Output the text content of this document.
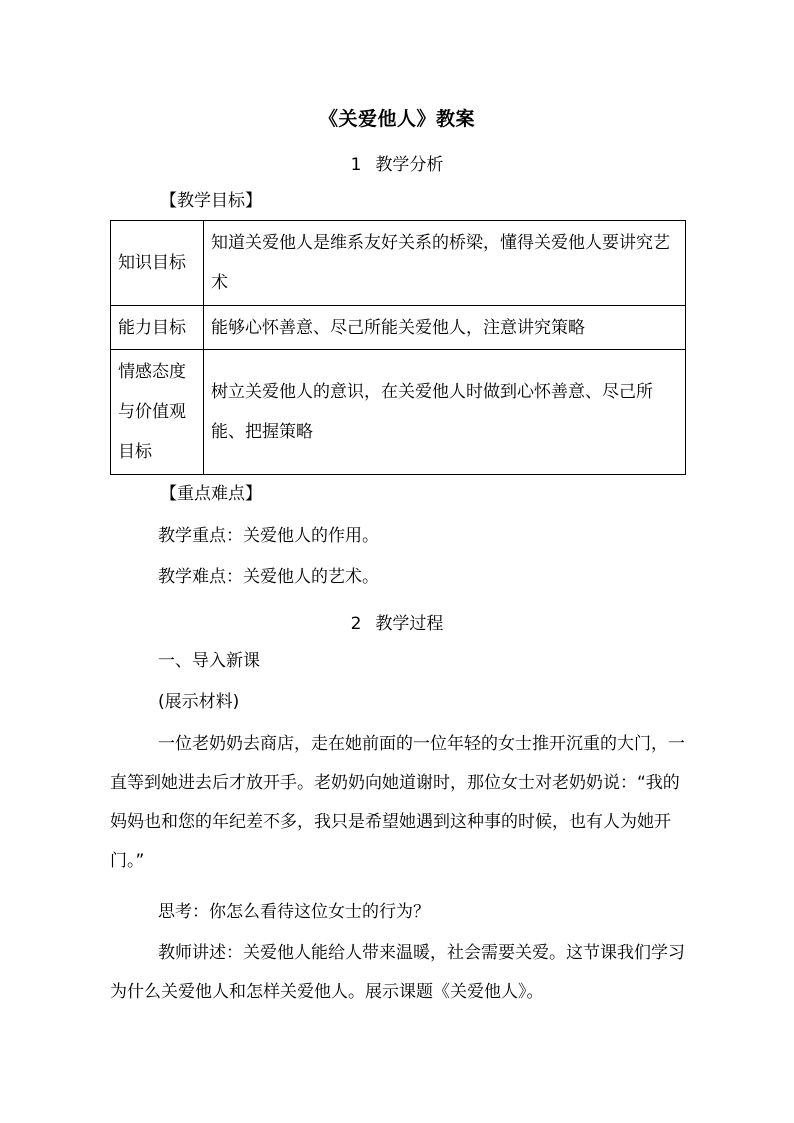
《关爱他人》教案
1 教学分析
【教学目标】
知识目标	知道关爱他人是维系友好关系的桥梁，懂得关爱他人要讲究艺术
能力目标	能够心怀善意、尽己所能关爱他人，注意讲究策略
情感态度与价值观目标	树立关爱他人的意识，在关爱他人时做到心怀善意、尽己所能、把握策略
【重点难点】
教学重点：关爱他人的作用。
教学难点：关爱他人的艺术。
2 教学过程
一、导入新课
(展示材料)
一位老奶奶去商店，走在她前面的一位年轻的女士推开沉重的大门，一直等到她进去后才放开手。老奶奶向她道谢时，那位女士对老奶奶说：“我的妈妈也和您的年纪差不多，我只是希望她遇到这种事的时候，也有人为她开门。”
思考：你怎么看待这位女士的行为？
教师讲述：关爱他人能给人带来温暖，社会需要关爱。这节课我们学习为什么关爱他人和怎样关爱他人。展示课题《关爱他人》。
